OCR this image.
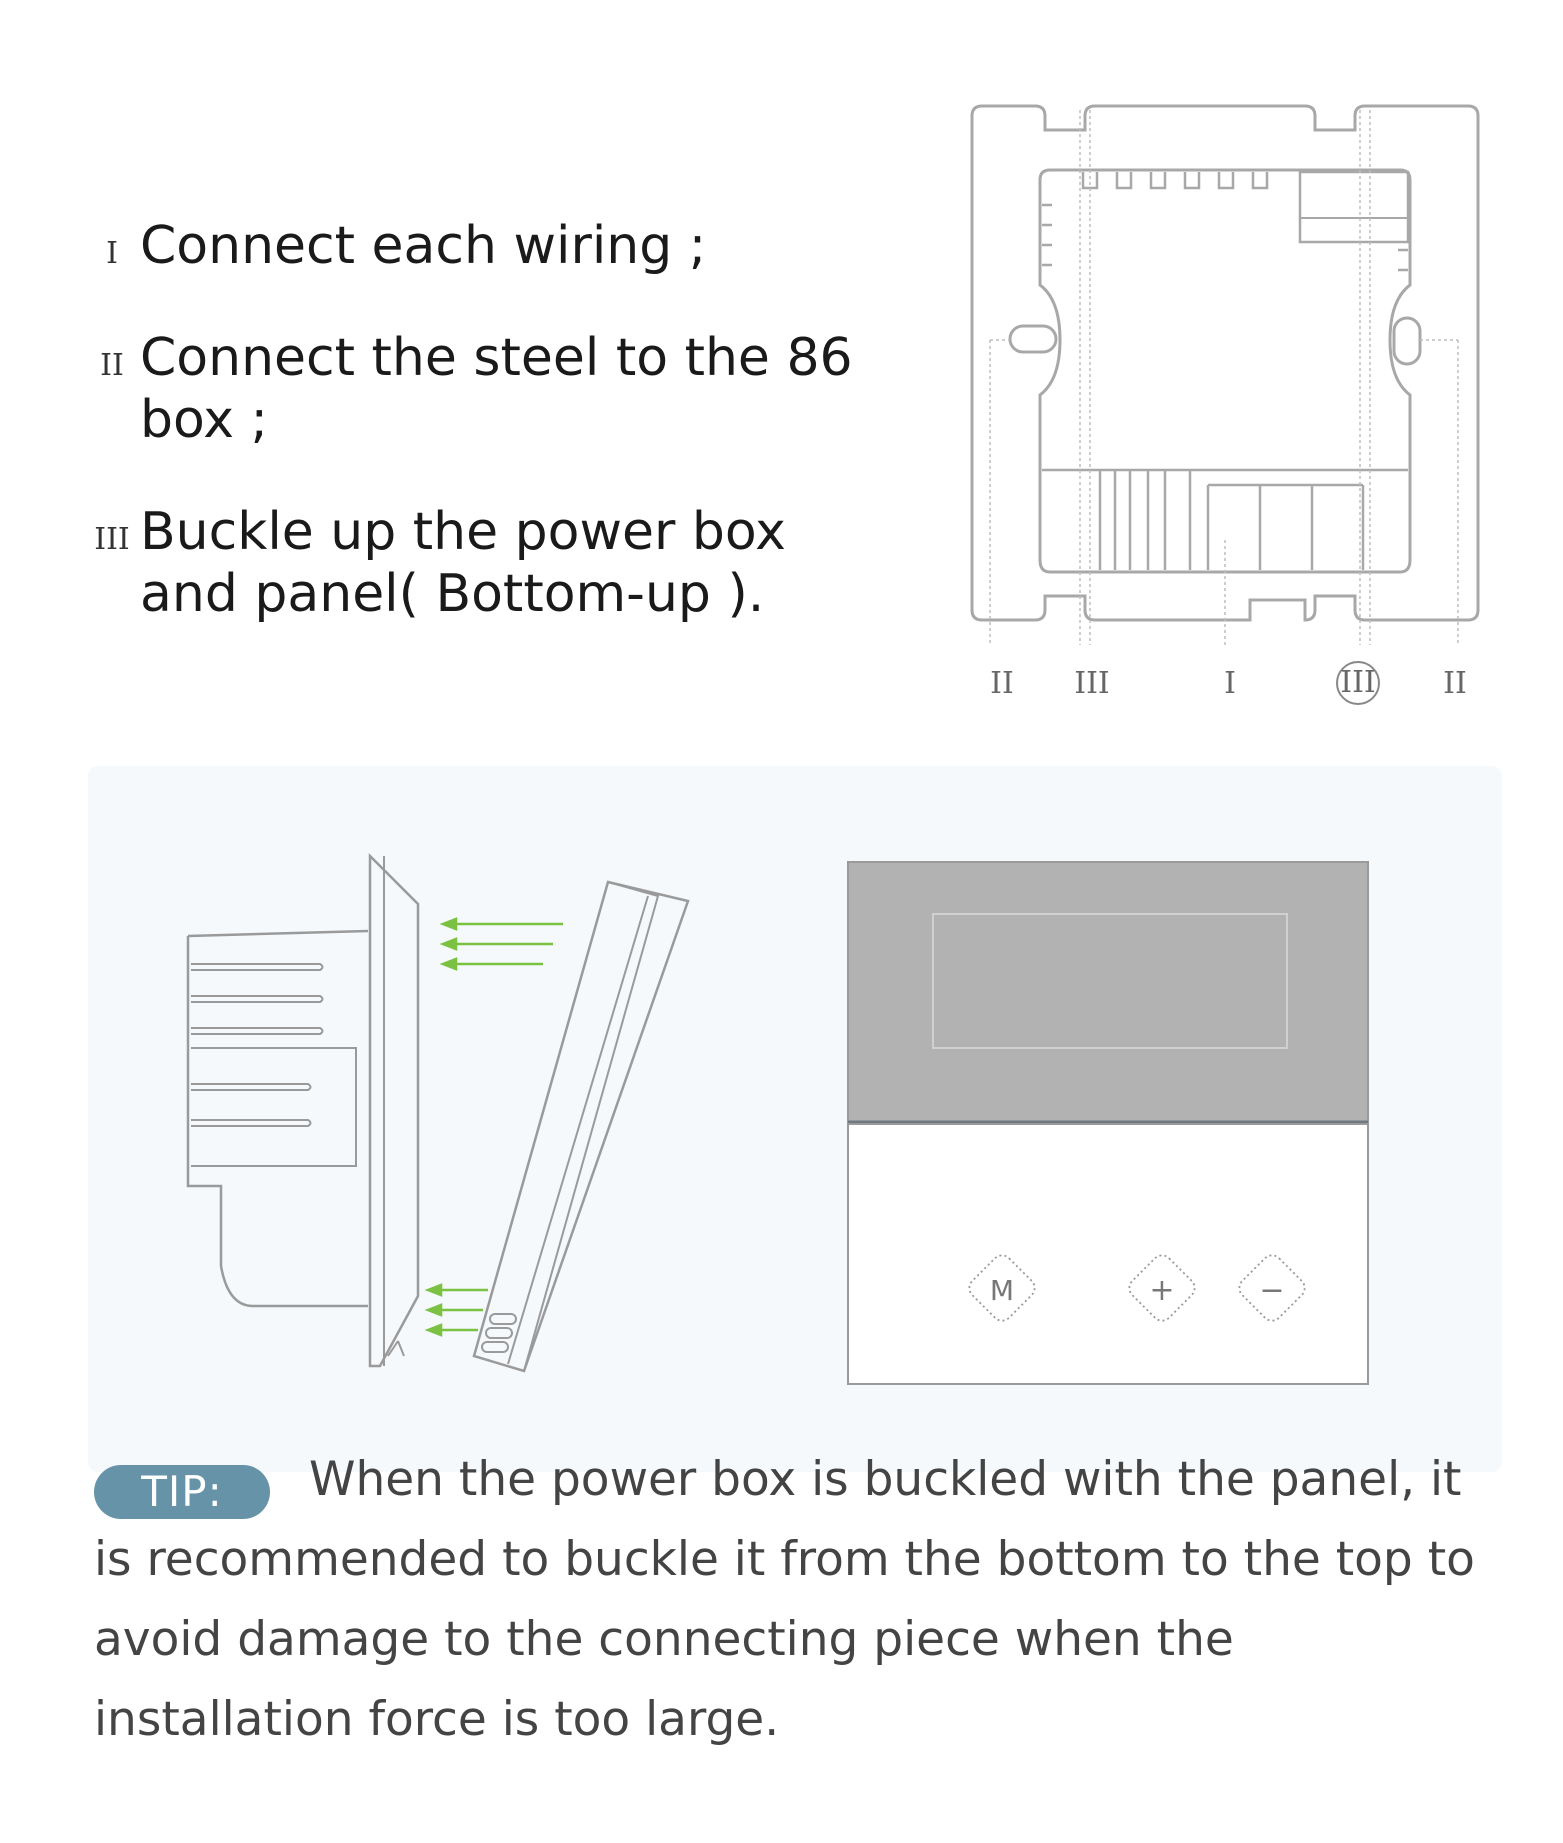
I Connect each wiring ;
II Connect the steel to the 86 box ;
III Buckle up the power box and panel( Bottom-up ).
II III	I	III II
M	+	−
TIP:	When the power box is buckled with the panel, it is recommended to buckle it from the bottom to the top to avoid damage to the connecting piece when the installation force is too large.
